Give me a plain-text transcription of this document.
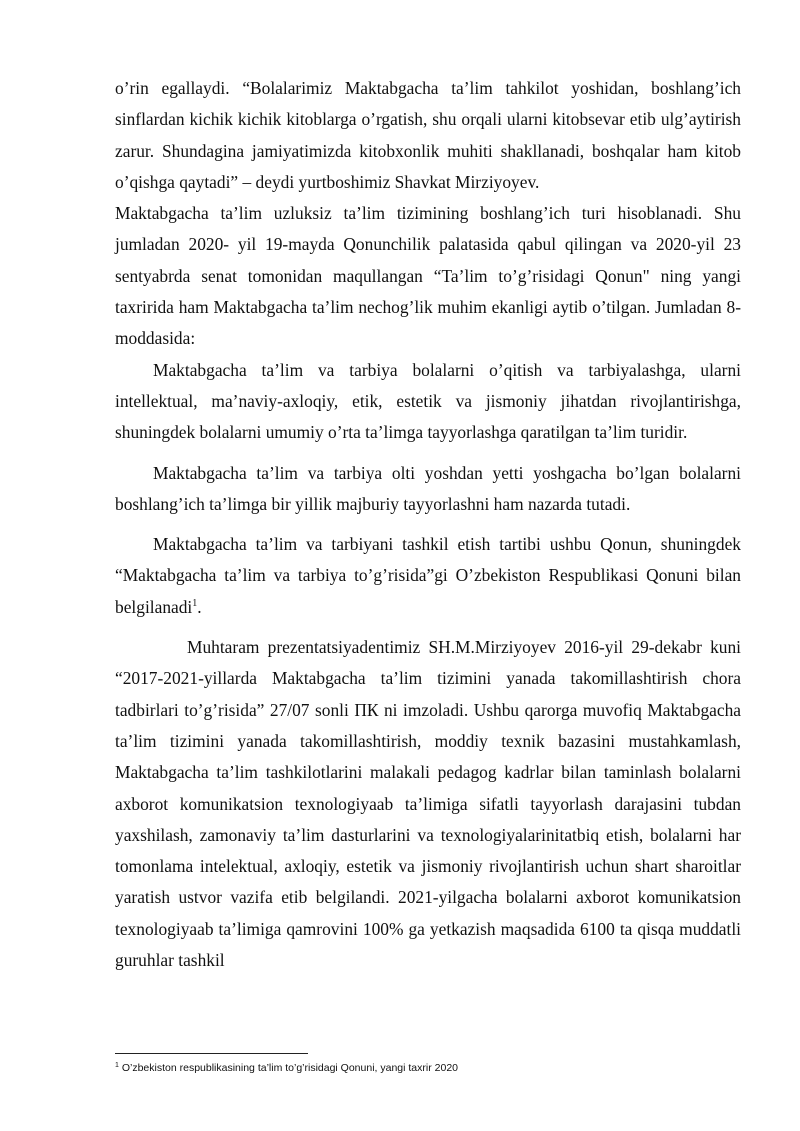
o’rin egallaydi. “Bolalarimiz Maktabgacha ta’lim tahkilot yoshidan, boshlang’ich sinflardan kichik kichik kitoblarga o’rgatish, shu orqali ularni kitobsevar etib ulg’aytirish zarur. Shundagina jamiyatimizda kitobxonlik muhiti shakllanadi, boshqalar ham kitob o’qishga qaytadi” – deydi yurtboshimiz Shavkat Mirziyoyev.

Maktabgacha ta’lim uzluksiz ta’lim tizimining boshlang’ich turi hisoblanadi. Shu jumladan 2020- yil 19-mayda Qonunchilik palatasida qabul qilingan va 2020-yil 23 sentyabrda senat tomonidan maqullangan “Ta’lim to’g’risidagi Qonun" ning yangi taxririda ham Maktabgacha ta’lim nechog’lik muhim ekanligi aytib o’tilgan. Jumladan 8-moddasida:

Maktabgacha ta’lim va tarbiya bolalarni o’qitish va tarbiyalashga, ularni intellektual, ma’naviy-axloqiy, etik, estetik va jismoniy jihatdan rivojlantirishga, shuningdek bolalarni umumiy o’rta ta’limga tayyorlashga qaratilgan ta’lim turidir.

Maktabgacha ta’lim va tarbiya olti yoshdan yetti yoshgacha bo’lgan bolalarni boshlang’ich ta’limga bir yillik majburiy tayyorlashni ham nazarda tutadi.

Maktabgacha ta’lim va tarbiyani tashkil etish tartibi ushbu Qonun, shuningdek “Maktabgacha ta’lim va tarbiya to’g’risida”gi O’zbekiston Respublikasi Qonuni bilan belgilanadi$^1$.

Muhtaram prezentatsiyadentimiz SH.M.Mirziyoyev 2016-yil 29-dekabr kuni “2017-2021-yillarda Maktabgacha ta’lim tizimini yanada takomillashtirish chora tadbirlari to’g’risida” 27/07 sonli ПК ni imzoladi. Ushbu qarorga muvofiq Maktabgacha ta’lim tizimini yanada takomillashtirish, moddiy texnik bazasini mustahkamlash, Maktabgacha ta’lim tashkilotlarini malakali pedagog kadrlar bilan taminlash bolalarni axborot komunikatsion texnologiyaab ta’limiga sifatli tayyorlash darajasini tubdan yaxshilash, zamonaviy ta’lim dasturlarini va texnologiyalarinitatbiq etish, bolalarni har tomonlama intelektual, axloqiy, estetik va jismoniy rivojlantirish uchun shart sharoitlar yaratish ustvor vazifa etib belgilandi. 2021-yilgacha bolalarni axborot komunikatsion texnologiyaab ta’limiga qamrovini 100% ga yetkazish maqsadida 6100 ta qisqa muddatli guruhlar tashkil

$^1$ O’zbekiston respublikasining ta’lim to’g’risidagi Qonuni, yangi taxrir 2020
